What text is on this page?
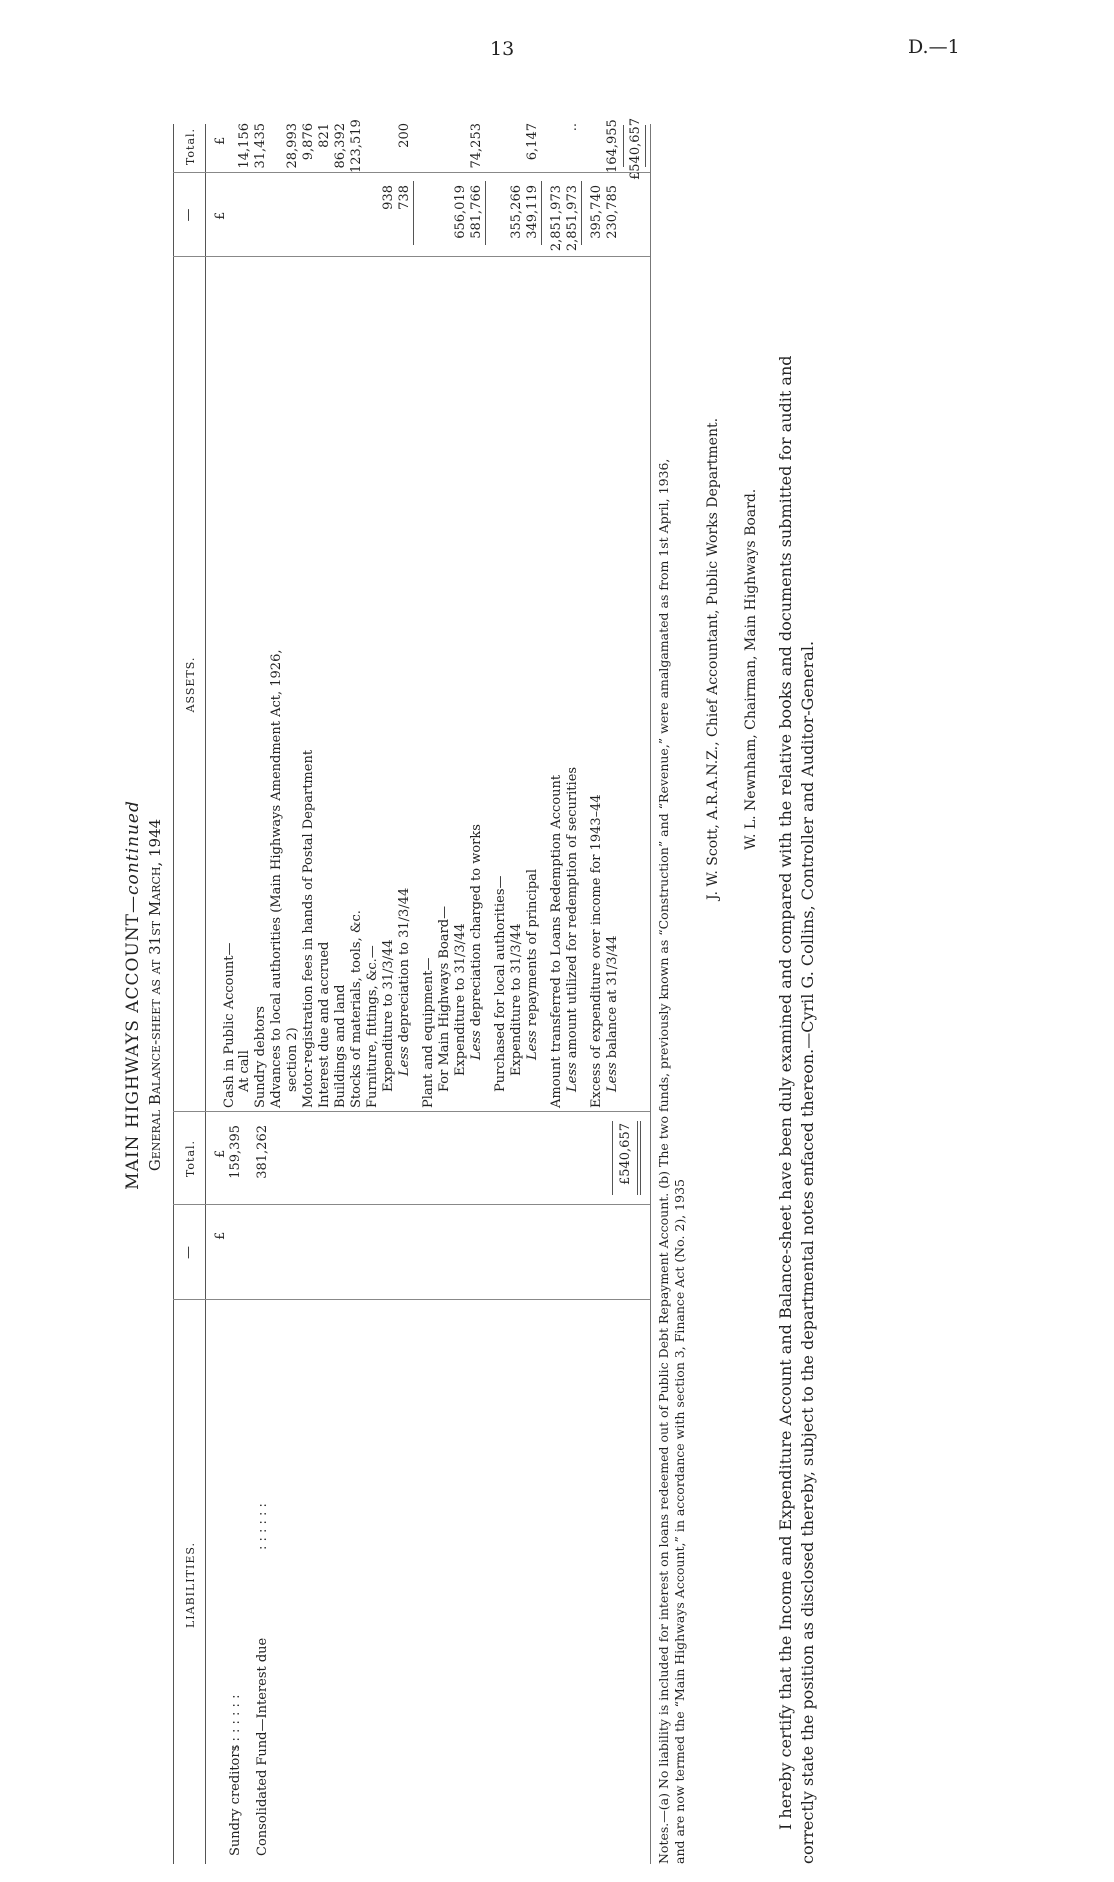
13	D.—1
MAIN HIGHWAYS ACCOUNT—continued General Balance-sheet as at 31st March, 1944
LIABILITIES.
—
Total.
ASSETS.
—
Total.
£
£
£
£
Sundry creditors
: : : : : : :
159,395
Consolidated Fund—Interest due
: : : : : :
381,262	£540,657
Cash in Public Account— At call
14,156
Sundry debtors
31,435
Advances to local authorities (Main Highways Amendment Act, 1926, section 2)
28,993
Motor-registration fees in hands of Postal Department
9,876
Interest due and accrued
821
Buildings and land
86,392
Stocks of materials, tools, &c.
123,519
Furniture, fittings, &c.— Expenditure to 31/3/44
938
Less depreciation to 31/3/44
738
200
Plant and equipment— For Main Highways Board— Expenditure to 31/3/44
656,019
Less depreciation charged to works
581,766
74,253
Purchased for local authorities— Expenditure to 31/3/44
355,266
Less repayments of principal
349,119
6,147
Amount transferred to Loans Redemption Account
2,851,973
Less amount utilized for redemption of securities
2,851,973
..
Excess of expenditure over income for 1943–44
395,740
Less balance at 31/3/44
230,785
164,955 £540,657
Notes.—(a) No liability is included for interest on loans redeemed out of Public Debt Repayment Account. (b) The two funds, previously known as “Construction” and “Revenue,” were amalgamated as from 1st April, 1936, and are now termed the “Main Highways Account,” in accordance with section 3, Finance Act (No. 2), 1935
J. W. Scott, A.R.A.N.Z., Chief Accountant, Public Works Department. W. L. Newnham, Chairman, Main Highways Board. I hereby certify that the Income and Expenditure Account and Balance-sheet have been duly examined and compared with the relative books and documents submitted for audit and correctly state the position as disclosed thereby, subject to the departmental notes enfaced thereon.—Cyril G. Collins, Controller and Auditor-General.
